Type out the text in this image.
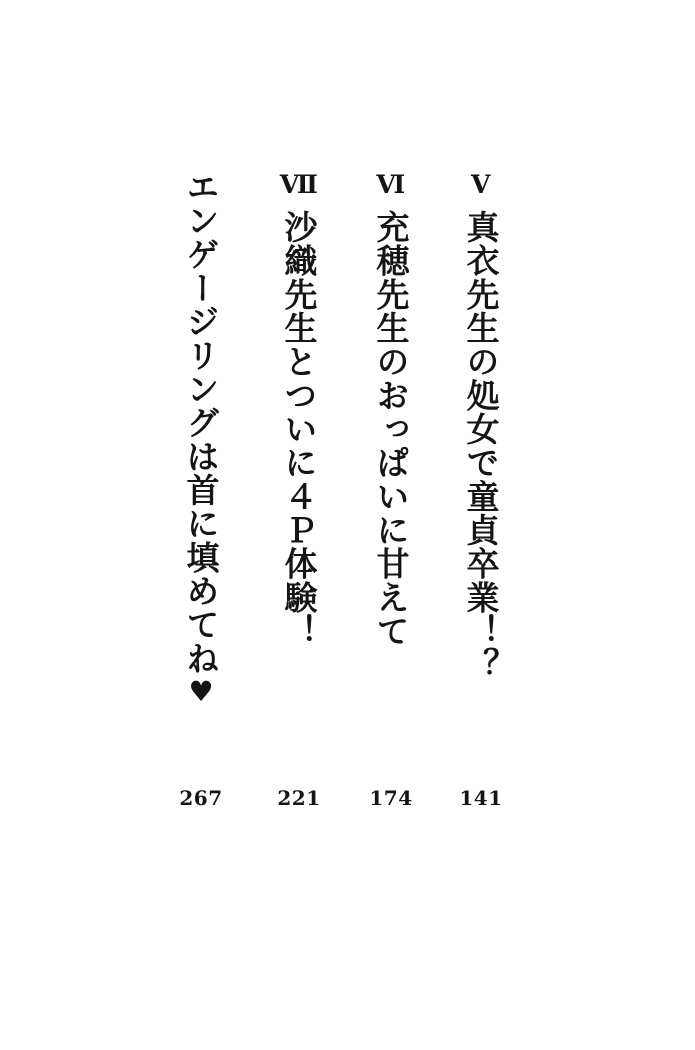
Ⅴ
真衣先生の処女で童貞卒業！？
Ⅵ
充穂先生のおっぱいに甘えて
Ⅶ
沙織先生とついに４Ｐ体験！
エンゲージリングは首に填めてね♥
141
174
221
267
